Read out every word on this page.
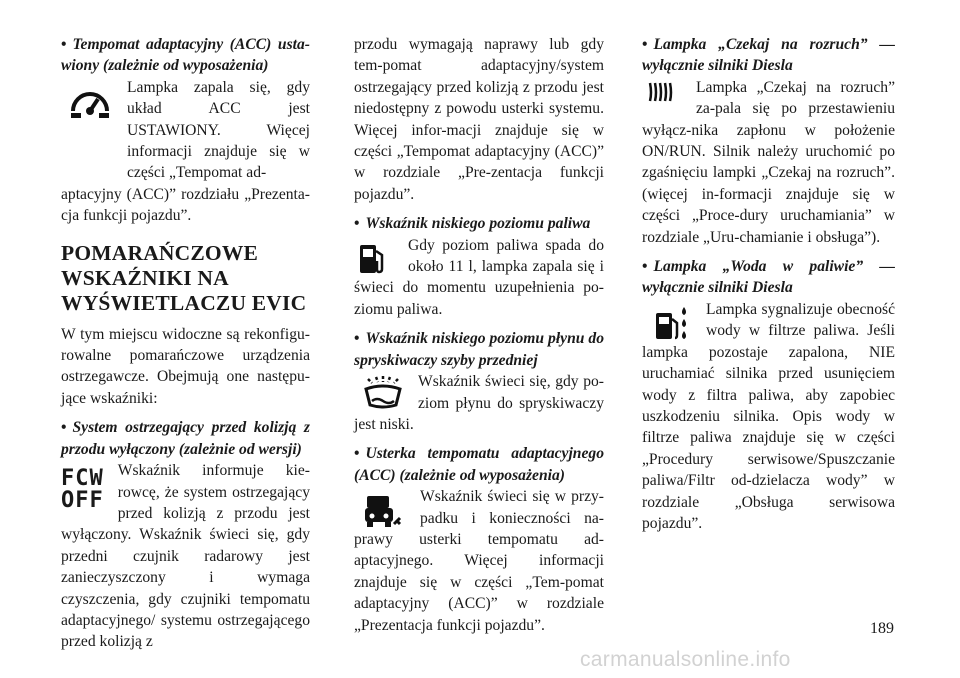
• Tempomat adaptacyjny (ACC) usta-wiony (zależnie od wyposażenia)

Lampka zapala się, gdy układ ACC jest USTAWIONY. Więcej informacji znajduje się w części „Tempomat ad-

aptacyjny (ACC)” rozdziału „Prezenta-cja funkcji pojazdu”.

POMARAŃCZOWE WSKAŹNIKI NA WYŚWIETLACZU EVIC

W tym miejscu widoczne są rekonfigu-rowalne pomarańczowe urządzenia ostrzegawcze. Obejmują one następu-jące wskaźniki:

• System ostrzegający przed kolizją z przodu wyłączony (zależnie od wersji)

FCW
OFF

Wskaźnik informuje kie-rowcę, że system ostrzegający przed kolizją z przodu jest wyłączony. Wskaźnik świeci się, gdy przedni czujnik radarowy jest zanieczyszczony i wymaga czyszczenia, gdy czujniki tempomatu adaptacyjnego/ systemu ostrzegającego przed kolizją z

przodu wymagają naprawy lub gdy tem-pomat adaptacyjny/system ostrzegający przed kolizją z przodu jest niedostępny z powodu usterki systemu. Więcej infor-macji znajduje się w części „Tempomat adaptacyjny (ACC)” w rozdziale „Pre-zentacja funkcji pojazdu”.

• Wskaźnik niskiego poziomu paliwa

Gdy poziom paliwa spada do około 11 l, lampka zapala się i świeci do momentu uzupełnienia po-ziomu paliwa.

• Wskaźnik niskiego poziomu płynu do spryskiwaczy szyby przedniej

Wskaźnik świeci się, gdy po-ziom płynu do spryskiwaczy jest niski.

• Usterka tempomatu adaptacyjnego (ACC) (zależnie od wyposażenia)

Wskaźnik świeci się w przy-padku i konieczności na-prawy usterki tempomatu ad-aptacyjnego. Więcej informacji znajduje się w części „Tem-pomat adaptacyjny (ACC)” w rozdziale „Prezentacja funkcji pojazdu”.

• Lampka „Czekaj na rozruch” — wyłącznie silniki Diesla

Lampka „Czekaj na rozruch” za-pala się po przestawieniu wyłącz-nika zapłonu w położenie ON/RUN. Silnik należy uruchomić po zgaśnięciu lampki „Czekaj na rozruch”. (więcej in-formacji znajduje się w części „Proce-dury uruchamiania” w rozdziale „Uru-chamianie i obsługa”).

• Lampka „Woda w paliwie” — wyłącznie silniki Diesla

Lampka sygnalizuje obecność wody w filtrze paliwa. Jeśli lampka pozostaje zapalona, NIE uruchamiać silnika przed usunięciem wody z filtra paliwa, aby zapobiec uszkodzeniu silnika. Opis wody w filtrze paliwa znajduje się w części „Procedury serwisowe/Spuszczanie paliwa/Filtr od-dzielacza wody” w rozdziale „Obsługa serwisowa pojazdu”.

189
carmanualsonline.info
